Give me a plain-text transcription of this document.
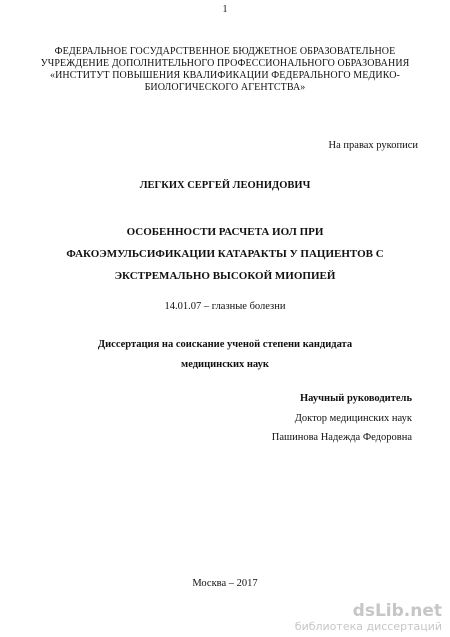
1
ФЕДЕРАЛЬНОЕ ГОСУДАРСТВЕННОЕ БЮДЖЕТНОЕ ОБРАЗОВАТЕЛЬНОЕ
УЧРЕЖДЕНИЕ ДОПОЛНИТЕЛЬНОГО ПРОФЕССИОНАЛЬНОГО ОБРАЗОВАНИЯ
«ИНСТИТУТ ПОВЫШЕНИЯ КВАЛИФИКАЦИИ ФЕДЕРАЛЬНОГО МЕДИКО-
БИОЛОГИЧЕСКОГО АГЕНТСТВА»
На правах рукописи
ЛЕГКИХ СЕРГЕЙ ЛЕОНИДОВИЧ
ОСОБЕННОСТИ РАСЧЕТА ИОЛ ПРИ
ФАКОЭМУЛЬСИФИКАЦИИ КАТАРАКТЫ У ПАЦИЕНТОВ С
ЭКСТРЕМАЛЬНО ВЫСОКОЙ МИОПИЕЙ
14.01.07 – глазные болезни
Диссертация на соискание ученой степени кандидата
медицинских наук
Научный руководитель
Доктор медицинских наук
Пашинова Надежда Федоровна
Москва – 2017
dsLib.net
библиотека диссертаций
